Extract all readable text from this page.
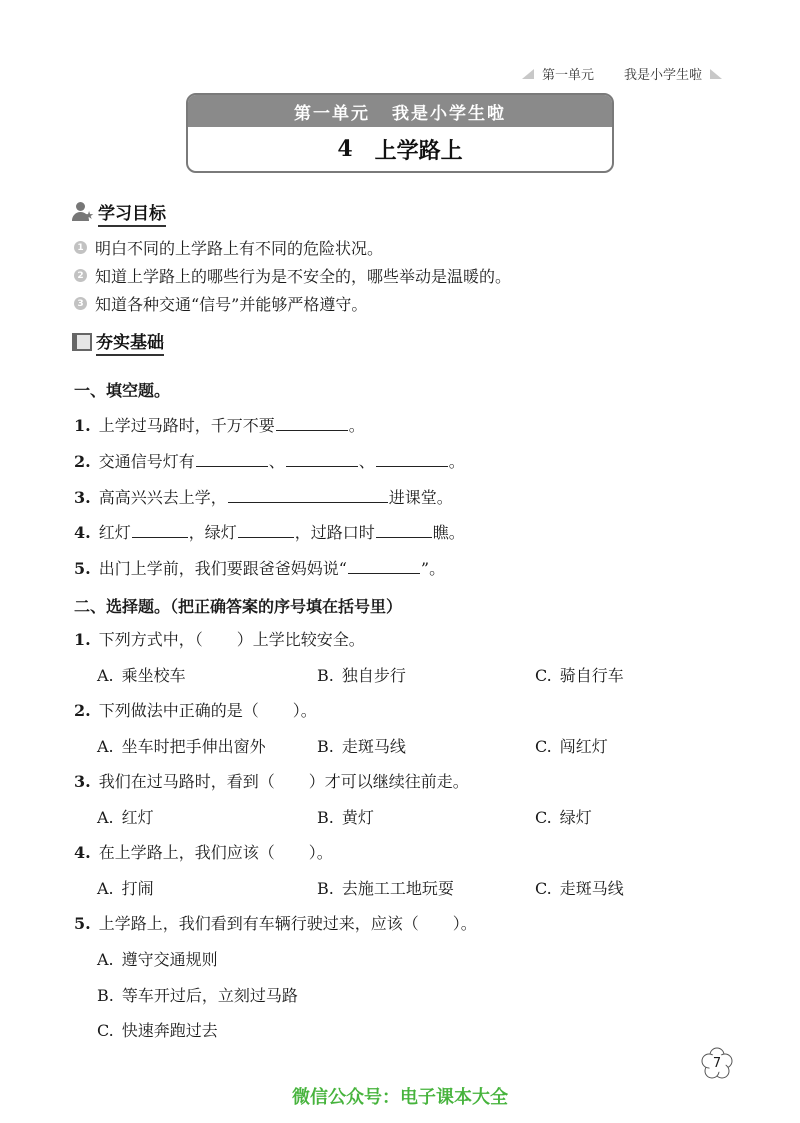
第一单元 我是小学生啦
第一单元 我是小学生啦
4 上学路上
★ 学习目标
1 明白不同的上学路上有不同的危险状况。
2 知道上学路上的哪些行为是不安全的，哪些举动是温暖的。
3 知道各种交通“信号”并能够严格遵守。
夯实基础
一、填空题。
1. 上学过马路时，千万不要	。
2. 交通信号灯有	、	、	。
3. 高高兴兴去上学，	进课堂。
4. 红灯	，绿灯	，过路口时	瞧。
5. 出门上学前，我们要跟爸爸妈妈说“	”。
二、选择题。（把正确答案的序号填在括号里）
1. 下列方式中，（ ）上学比较安全。
A. 乘坐校车	B. 独自步行	C. 骑自行车
2. 下列做法中正确的是（ ）。
A. 坐车时把手伸出窗外	B. 走斑马线	C. 闯红灯
3. 我们在过马路时，看到（ ）才可以继续往前走。
A. 红灯	B. 黄灯	C. 绿灯
4. 在上学路上，我们应该（ ）。
A. 打闹	B. 去施工工地玩耍	C. 走斑马线
5. 上学路上，我们看到有车辆行驶过来，应该（ ）。
A. 遵守交通规则
B. 等车开过后，立刻过马路
C. 快速奔跑过去
7
微信公众号：电子课本大全
